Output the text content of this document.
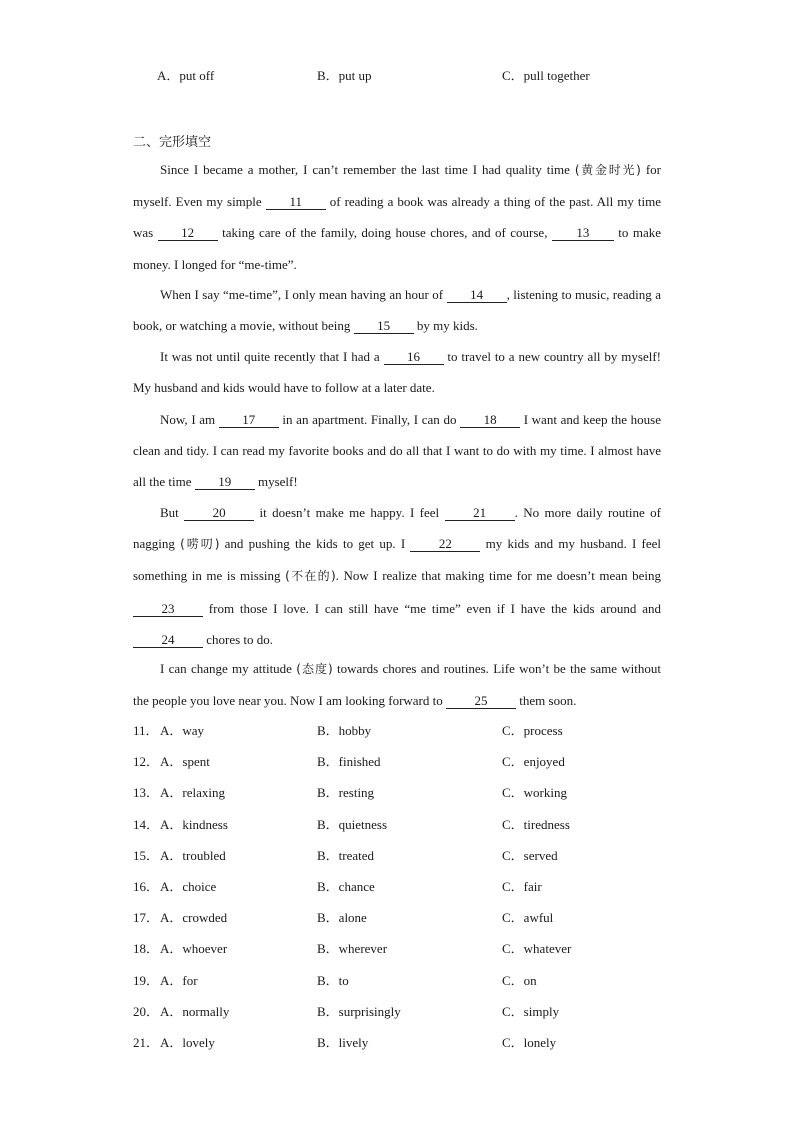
A．put off	B．put up	C．pull together
二、完形填空

Since I became a mother, I can’t remember the last time I had quality time (黄金时光) for myself. Even my simple 11 of reading a book was already a thing of the past. All my time was 12 taking care of the family, doing house chores, and of course, 13 to make money. I longed for “me-time”.

When I say “me-time”, I only mean having an hour of 14 , listening to music, reading a book, or watching a movie, without being 15 by my kids.

It was not until quite recently that I had a 16 to travel to a new country all by myself! My husband and kids would have to follow at a later date.

Now, I am 17 in an apartment. Finally, I can do 18 I want and keep the house clean and tidy. I can read my favorite books and do all that I want to do with my time. I almost have all the time 19 myself!

But 20 it doesn’t make me happy. I feel 21 . No more daily routine of nagging (唠叨) and pushing the kids to get up. I 22 my kids and my husband. I feel something in me is missing (不在的). Now I realize that making time for me doesn’t mean being 23 from those I love. I can still have “me time” even if I have the kids around and 24 chores to do.

I can change my attitude (态度) towards chores and routines. Life won’t be the same without the people you love near you. Now I am looking forward to 25 them soon.

11．A．way	B．hobby	C．process
12．A．spent	B．finished	C．enjoyed
13．A．relaxing	B．resting	C．working
14．A．kindness	B．quietness	C．tiredness
15．A．troubled	B．treated	C．served
16．A．choice	B．chance	C．fair
17．A．crowded	B．alone	C．awful
18．A．whoever	B．wherever	C．whatever
19．A．for	B．to	C．on
20．A．normally	B．surprisingly	C．simply
21．A．lovely	B．lively	C．lonely
